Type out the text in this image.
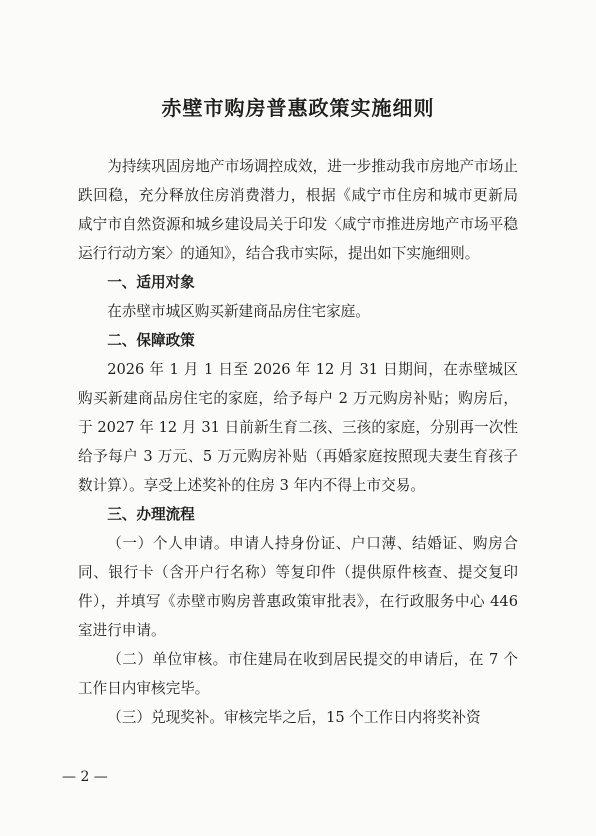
赤壁市购房普惠政策实施细则

为持续巩固房地产市场调控成效，进一步推动我市房地产市场止跌回稳，充分释放住房消费潜力，根据《咸宁市住房和城市更新局 咸宁市自然资源和城乡建设局关于印发〈咸宁市推进房地产市场平稳运行行动方案〉的通知》，结合我市实际，提出如下实施细则。

一、适用对象

在赤壁市城区购买新建商品房住宅家庭。

二、保障政策

2026 年 1 月 1 日至 2026 年 12 月 31 日期间，在赤壁城区购买新建商品房住宅的家庭，给予每户 2 万元购房补贴；购房后，于 2027 年 12 月 31 日前新生育二孩、三孩的家庭，分别再一次性给予每户 3 万元、5 万元购房补贴（再婚家庭按照现夫妻生育孩子数计算）。享受上述奖补的住房 3 年内不得上市交易。

三、办理流程

（一）个人申请。申请人持身份证、户口薄、结婚证、购房合同、银行卡（含开户行名称）等复印件（提供原件核查、提交复印件），并填写《赤壁市购房普惠政策审批表》，在行政服务中心 446 室进行申请。

（二）单位审核。市住建局在收到居民提交的申请后，在 7 个工作日内审核完毕。

（三）兑现奖补。审核完毕之后，15 个工作日内将奖补资

— 2 —
